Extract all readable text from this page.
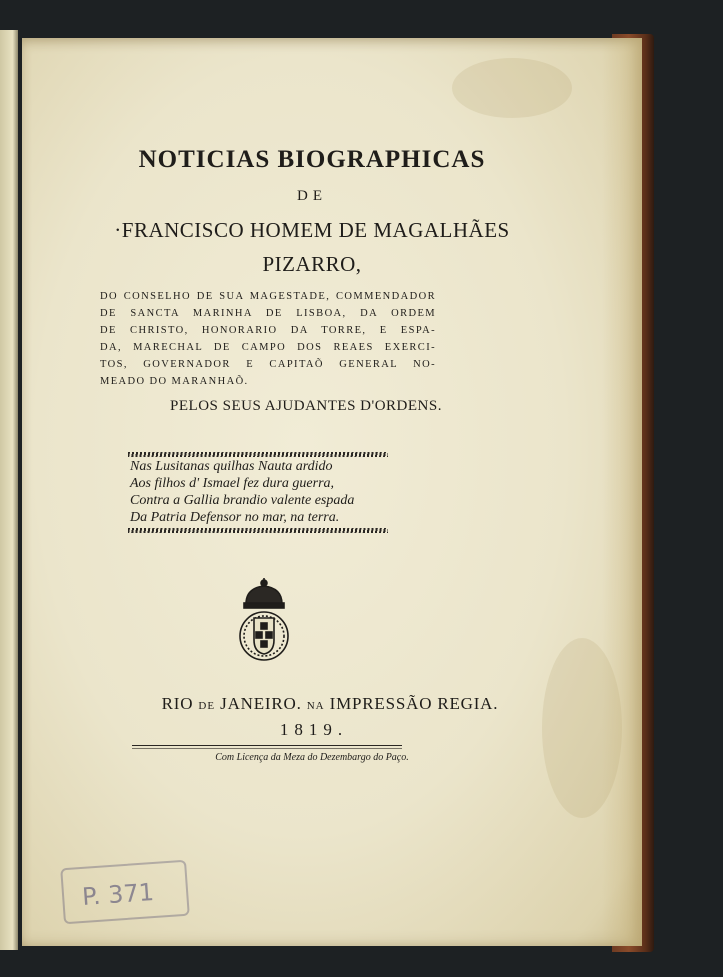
NOTICIAS BIOGRAPHICAS
DE
·FRANCISCO HOMEM DE MAGALHÃES
PIZARRO,
DO CONSELHO DE SUA MAGESTADE, COMMENDADOR
DE SANCTA MARINHA DE LISBOA, DA ORDEM
DE CHRISTO, HONORARIO DA TORRE, E ESPA-
DA, MARECHAL DE CAMPO DOS REAES EXERCI-
TOS, GOVERNADOR E CAPITAÕ GENERAL NO-
MEADO DO MARANHAÕ.
PELOS SEUS AJUDANTES D'ORDENS.
Nas Lusitanas quilhas Nauta ardido
Aos filhos d' Ismael fez dura guerra,
Contra a Gallia brandio valente espada
Da Patria Defensor no mar, na terra.
RIO DE JANEIRO. NA IMPRESSÃO REGIA.
1819.
Com Licença da Meza do Dezembargo do Paço.
P. 371
